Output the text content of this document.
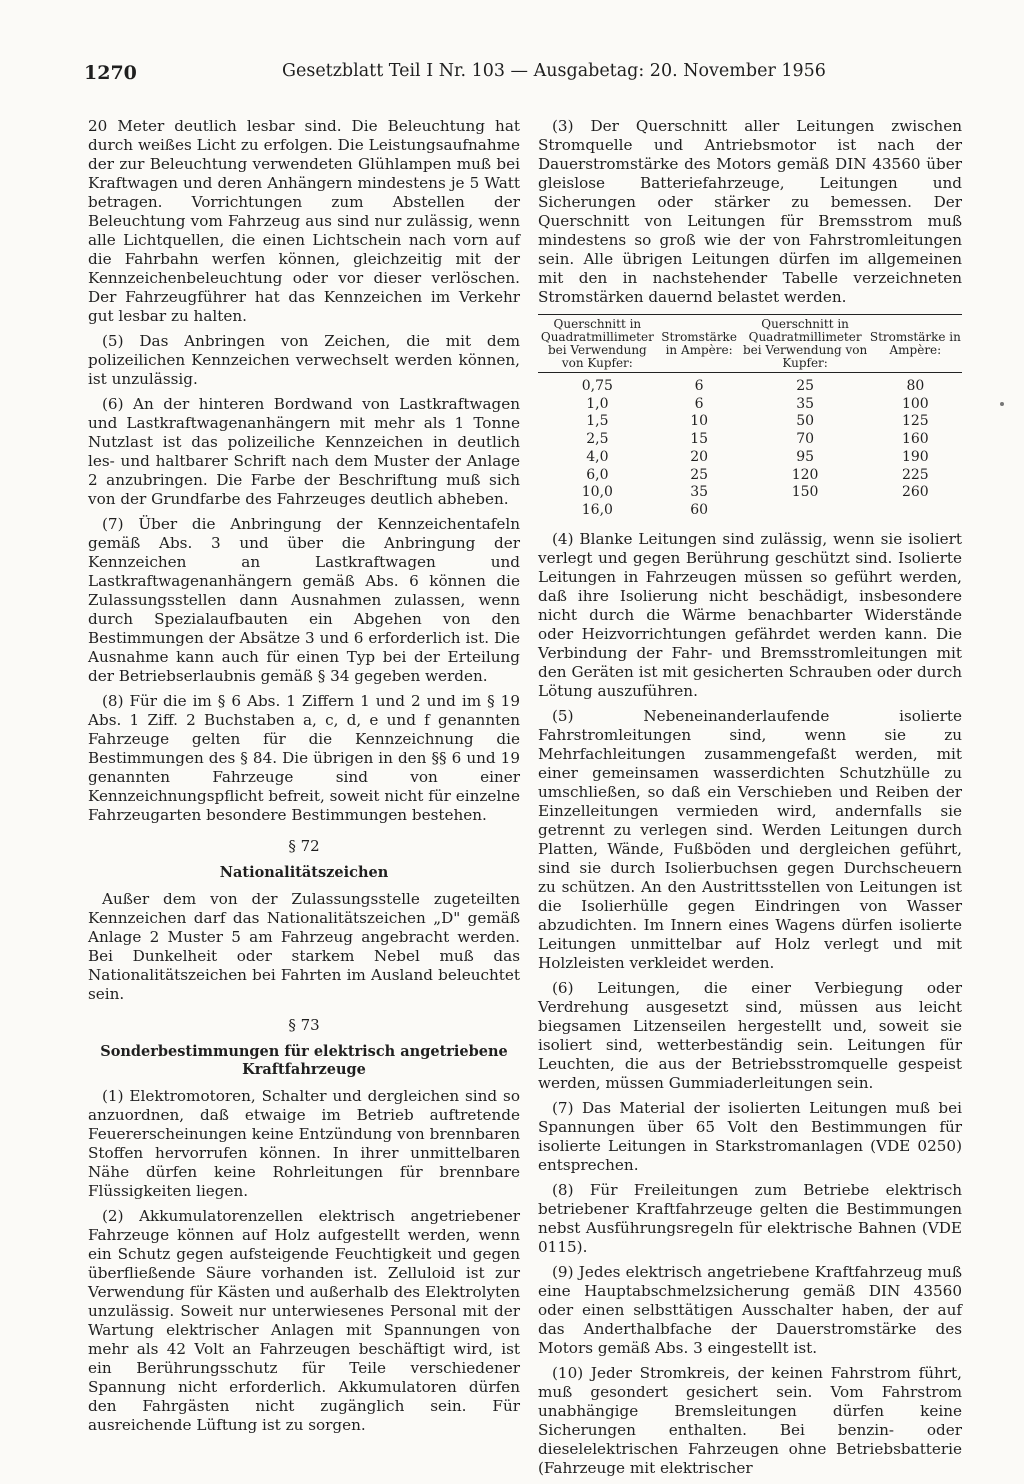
1270	Gesetzblatt Teil I Nr. 103 — Ausgabetag: 20. November 1956

20 Meter deutlich lesbar sind. Die Beleuchtung hat durch weißes Licht zu erfolgen. Die Leistungsaufnahme der zur Beleuchtung verwendeten Glühlampen muß bei Kraftwagen und deren Anhängern mindestens je 5 Watt betragen. Vorrichtungen zum Abstellen der Beleuchtung vom Fahrzeug aus sind nur zulässig, wenn alle Lichtquellen, die einen Lichtschein nach vorn auf die Fahrbahn werfen können, gleichzeitig mit der Kennzeichenbeleuchtung oder vor dieser verlöschen. Der Fahrzeugführer hat das Kennzeichen im Verkehr gut lesbar zu halten.

(5) Das Anbringen von Zeichen, die mit dem polizeilichen Kennzeichen verwechselt werden können, ist unzulässig.

(6) An der hinteren Bordwand von Lastkraftwagen und Lastkraftwagenanhängern mit mehr als 1 Tonne Nutzlast ist das polizeiliche Kennzeichen in deutlich les- und haltbarer Schrift nach dem Muster der Anlage 2 anzubringen. Die Farbe der Beschriftung muß sich von der Grundfarbe des Fahrzeuges deutlich abheben.

(7) Über die Anbringung der Kennzeichentafeln gemäß Abs. 3 und über die Anbringung der Kennzeichen an Lastkraftwagen und Lastkraftwagenanhängern gemäß Abs. 6 können die Zulassungsstellen dann Ausnahmen zulassen, wenn durch Spezialaufbauten ein Abgehen von den Bestimmungen der Absätze 3 und 6 erforderlich ist. Die Ausnahme kann auch für einen Typ bei der Erteilung der Betriebserlaubnis gemäß § 34 gegeben werden.

(8) Für die im § 6 Abs. 1 Ziffern 1 und 2 und im § 19 Abs. 1 Ziff. 2 Buchstaben a, c, d, e und f genannten Fahrzeuge gelten für die Kennzeichnung die Bestimmungen des § 84. Die übrigen in den §§ 6 und 19 genannten Fahrzeuge sind von einer Kennzeichnungspflicht befreit, soweit nicht für einzelne Fahrzeugarten besondere Bestimmungen bestehen.

§ 72
Nationalitätszeichen

Außer dem von der Zulassungsstelle zugeteilten Kennzeichen darf das Nationalitätszeichen „D" gemäß Anlage 2 Muster 5 am Fahrzeug angebracht werden. Bei Dunkelheit oder starkem Nebel muß das Nationalitätszeichen bei Fahrten im Ausland beleuchtet sein.

§ 73
Sonderbestimmungen für elektrisch angetriebene Kraftfahrzeuge

(1) Elektromotoren, Schalter und dergleichen sind so anzuordnen, daß etwaige im Betrieb auftretende Feuererscheinungen keine Entzündung von brennbaren Stoffen hervorrufen können. In ihrer unmittelbaren Nähe dürfen keine Rohrleitungen für brennbare Flüssigkeiten liegen.

(2) Akkumulatorenzellen elektrisch angetriebener Fahrzeuge können auf Holz aufgestellt werden, wenn ein Schutz gegen aufsteigende Feuchtigkeit und gegen überfließende Säure vorhanden ist. Zelluloid ist zur Verwendung für Kästen und außerhalb des Elektrolyten unzulässig. Soweit nur unterwiesenes Personal mit der Wartung elektrischer Anlagen mit Spannungen von mehr als 42 Volt an Fahrzeugen beschäftigt wird, ist ein Berührungsschutz für Teile verschiedener Spannung nicht erforderlich. Akkumulatoren dürfen den Fahrgästen nicht zugänglich sein. Für ausreichende Lüftung ist zu sorgen.

(3) Der Querschnitt aller Leitungen zwischen Stromquelle und Antriebsmotor ist nach der Dauerstromstärke des Motors gemäß DIN 43560 über gleislose Batteriefahrzeuge, Leitungen und Sicherungen oder stärker zu bemessen. Der Querschnitt von Leitungen für Bremsstrom muß mindestens so groß wie der von Fahrstromleitungen sein. Alle übrigen Leitungen dürfen im allgemeinen mit den in nachstehender Tabelle verzeichneten Stromstärken dauernd belastet werden.

Querschnitt in Quadratmillimeter bei Verwendung von Kupfer:	Stromstärke in Ampère:	Querschnitt in Quadratmillimeter bei Verwendung von Kupfer:	Stromstärke in Ampère:
0,75	6	25	80
1,0	6	35	100
1,5	10	50	125
2,5	15	70	160
4,0	20	95	190
6,0	25	120	225
10,0	35	150	260
16,0	60		

(4) Blanke Leitungen sind zulässig, wenn sie isoliert verlegt und gegen Berührung geschützt sind. Isolierte Leitungen in Fahrzeugen müssen so geführt werden, daß ihre Isolierung nicht beschädigt, insbesondere nicht durch die Wärme benachbarter Widerstände oder Heizvorrichtungen gefährdet werden kann. Die Verbindung der Fahr- und Bremsstromleitungen mit den Geräten ist mit gesicherten Schrauben oder durch Lötung auszuführen.

(5) Nebeneinanderlaufende isolierte Fahrstromleitungen sind, wenn sie zu Mehrfachleitungen zusammengefaßt werden, mit einer gemeinsamen wasserdichten Schutzhülle zu umschließen, so daß ein Verschieben und Reiben der Einzelleitungen vermieden wird, andernfalls sie getrennt zu verlegen sind. Werden Leitungen durch Platten, Wände, Fußböden und dergleichen geführt, sind sie durch Isolierbuchsen gegen Durchscheuern zu schützen. An den Austrittsstellen von Leitungen ist die Isolierhülle gegen Eindringen von Wasser abzudichten. Im Innern eines Wagens dürfen isolierte Leitungen unmittelbar auf Holz verlegt und mit Holzleisten verkleidet werden.

(6) Leitungen, die einer Verbiegung oder Verdrehung ausgesetzt sind, müssen aus leicht biegsamen Litzenseilen hergestellt und, soweit sie isoliert sind, wetterbeständig sein. Leitungen für Leuchten, die aus der Betriebsstromquelle gespeist werden, müssen Gummiaderleitungen sein.

(7) Das Material der isolierten Leitungen muß bei Spannungen über 65 Volt den Bestimmungen für isolierte Leitungen in Starkstromanlagen (VDE 0250) entsprechen.

(8) Für Freileitungen zum Betriebe elektrisch betriebener Kraftfahrzeuge gelten die Bestimmungen nebst Ausführungsregeln für elektrische Bahnen (VDE 0115).

(9) Jedes elektrisch angetriebene Kraftfahrzeug muß eine Hauptabschmelzsicherung gemäß DIN 43560 oder einen selbsttätigen Ausschalter haben, der auf das Anderthalbfache der Dauerstromstärke des Motors gemäß Abs. 3 eingestellt ist.

(10) Jeder Stromkreis, der keinen Fahrstrom führt, muß gesondert gesichert sein. Vom Fahrstrom unabhängige Bremsleitungen dürfen keine Sicherungen enthalten. Bei benzin- oder dieselelektrischen Fahrzeugen ohne Betriebsbatterie (Fahrzeuge mit elektrischer
